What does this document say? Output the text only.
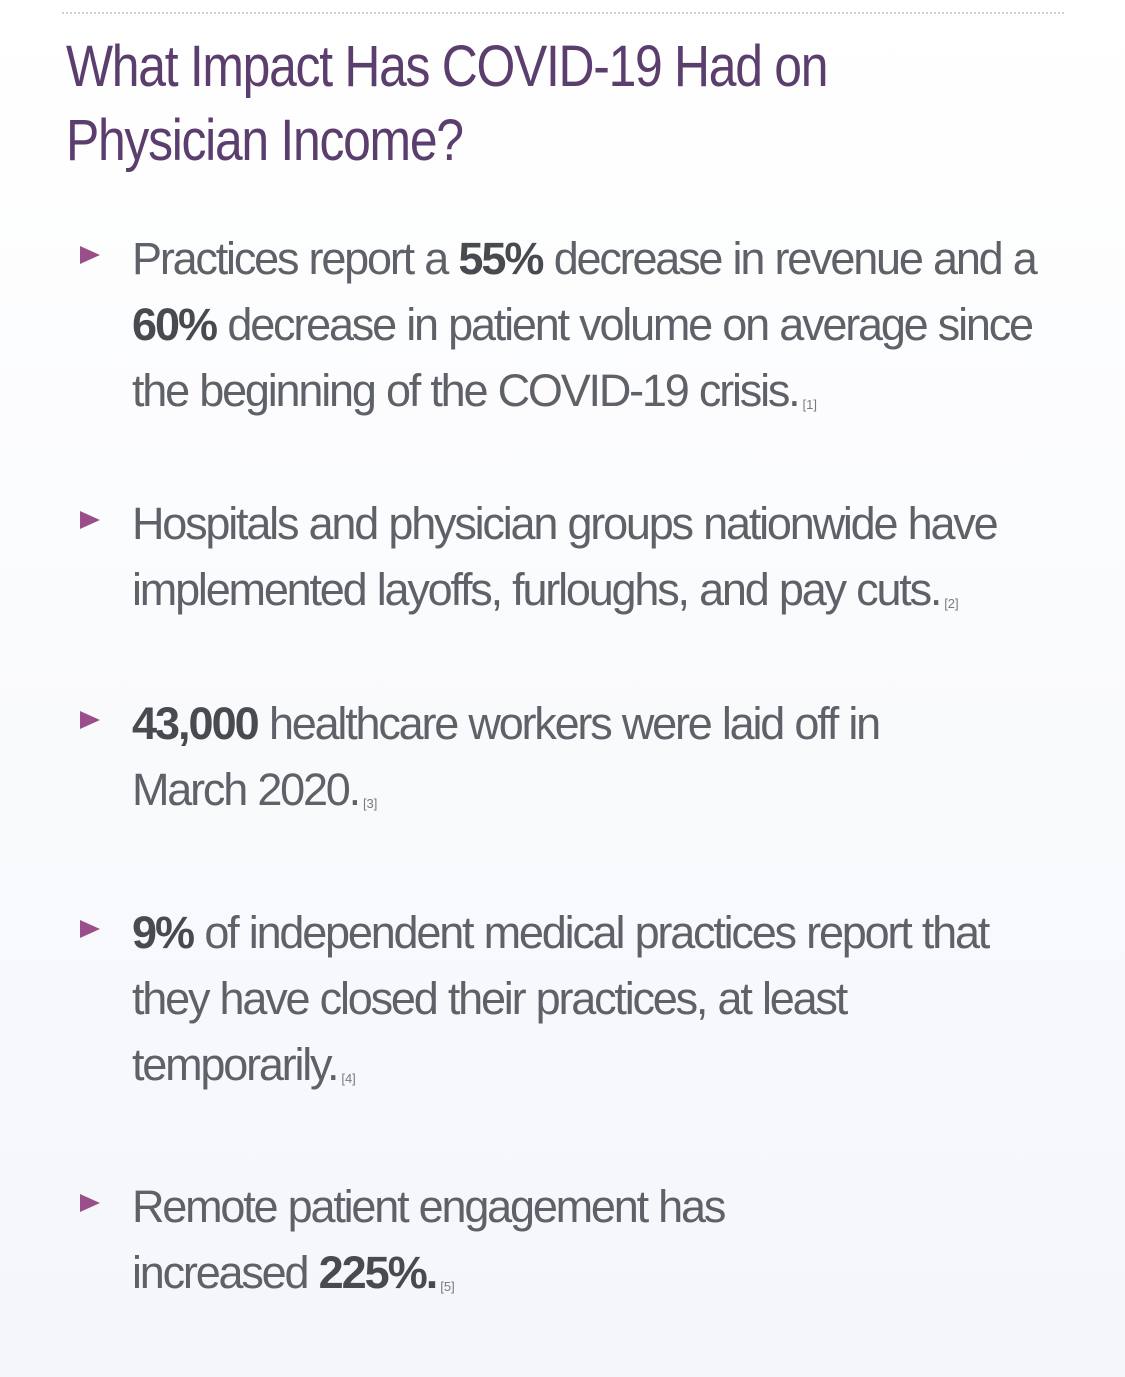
What Impact Has COVID-19 Had on Physician Income?
Practices report a 55% decrease in revenue and a 60% decrease in patient volume on average since the beginning of the COVID-19 crisis. [1]
Hospitals and physician groups nationwide have implemented layoffs, furloughs, and pay cuts. [2]
43,000 healthcare workers were laid off in March 2020. [3]
9% of independent medical practices report that they have closed their practices, at least temporarily. [4]
Remote patient engagement has increased 225%. [5]
